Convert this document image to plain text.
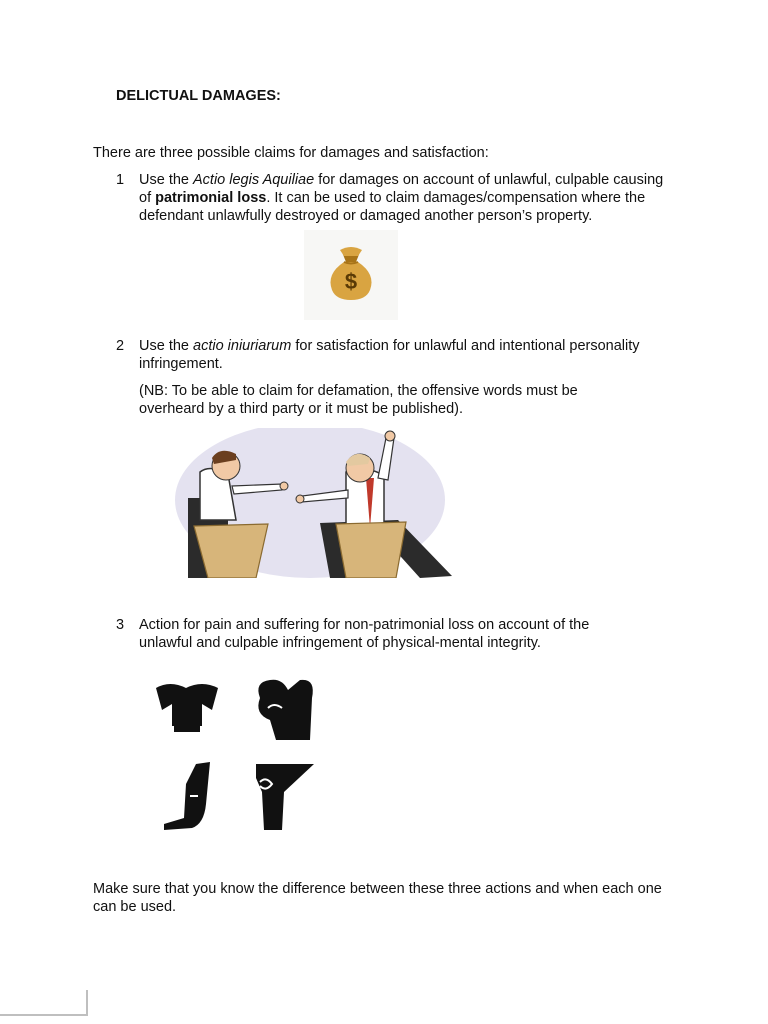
DELICTUAL DAMAGES:
There are three possible claims for damages and satisfaction:
1	Use the Actio legis Aquiliae for damages on account of unlawful, culpable causing of patrimonial loss. It can be used to claim damages/compensation where the defendant unlawfully destroyed or damaged another person’s property.
$
2	Use the actio iniuriarum for satisfaction for unlawful and intentional personality infringement.
(NB: To be able to claim for defamation, the offensive words must be overheard by a third party or it must be published).
3	Action for pain and suffering for non-patrimonial loss on account of the unlawful and culpable infringement of physical-mental integrity.
Make sure that you know the difference between these three actions and when each one can be used.
